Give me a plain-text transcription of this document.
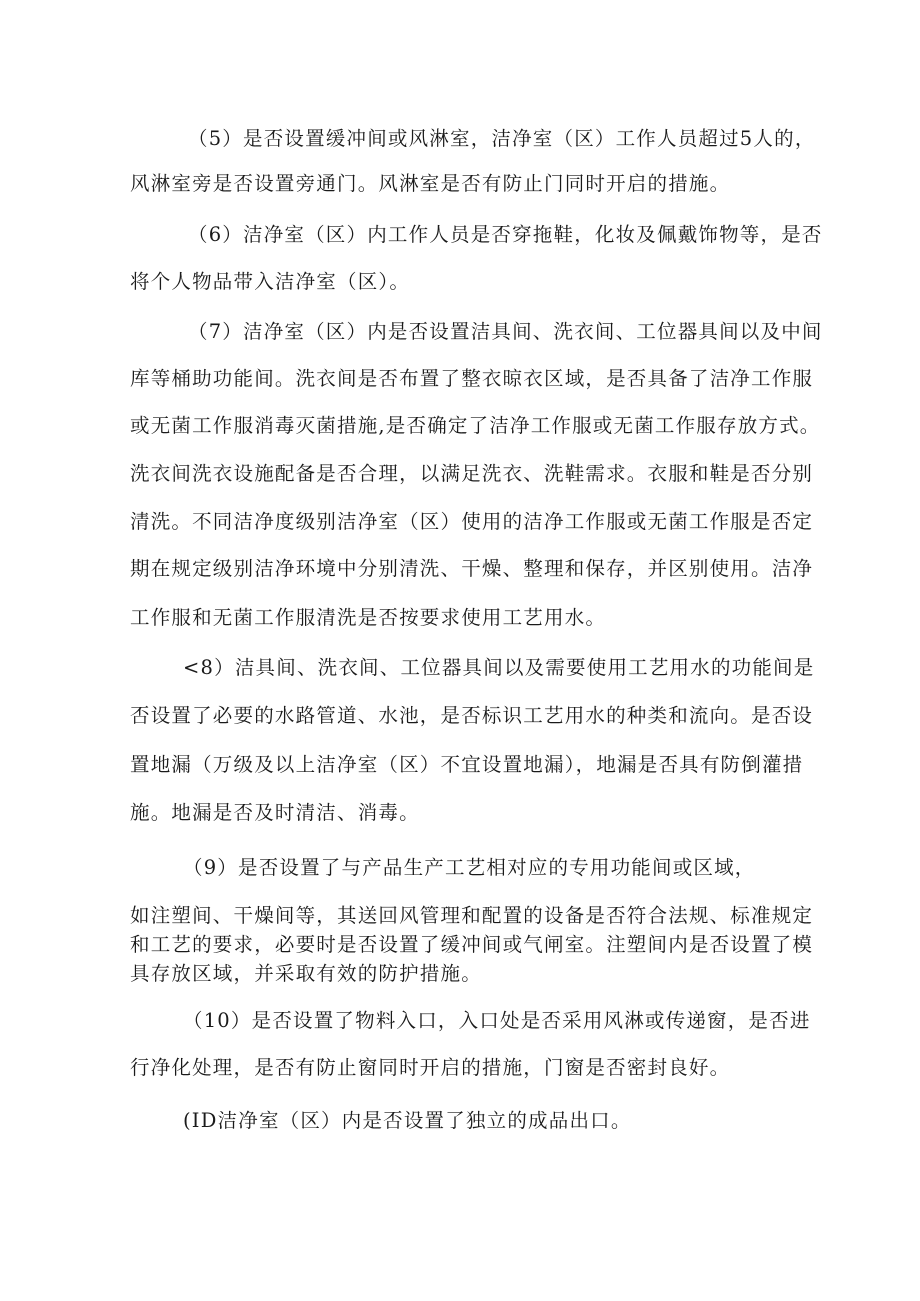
（5）是否设置缓冲间或风淋室，洁净室（区）工作人员超过5人的，
风淋室旁是否设置旁通门。风淋室是否有防止门同时开启的措施。
（6）洁净室（区）内工作人员是否穿拖鞋，化妆及佩戴饰物等，是否
将个人物品带入洁净室（区）。
（7）洁净室（区）内是否设置洁具间、洗衣间、工位器具间以及中间
库等桶助功能间。洗衣间是否布置了整衣晾衣区域，是否具备了洁净工作服
或无菌工作服消毒灭菌措施,是否确定了洁净工作服或无菌工作服存放方式。
洗衣间洗衣设施配备是否合理，以满足洗衣、洗鞋需求。衣服和鞋是否分别
清洗。不同洁净度级别洁净室（区）使用的洁净工作服或无菌工作服是否定
期在规定级别洁净环境中分别清洗、干燥、整理和保存，并区别使用。洁净
工作服和无菌工作服清洗是否按要求使用工艺用水。
<8）洁具间、洗衣间、工位器具间以及需要使用工艺用水的功能间是
否设置了必要的水路管道、水池，是否标识工艺用水的种类和流向。是否设
置地漏（万级及以上洁净室（区）不宜设置地漏），地漏是否具有防倒灌措
施。地漏是否及时清洁、消毒。
（9）是否设置了与产品生产工艺相对应的专用功能间或区域，
如注塑间、干燥间等，其送回风管理和配置的设备是否符合法规、标准规定
和工艺的要求，必要时是否设置了缓冲间或气闸室。注塑间内是否设置了模
具存放区域，并采取有效的防护措施。
（10）是否设置了物料入口，入口处是否采用风淋或传递窗，是否进
行净化处理，是否有防止窗同时开启的措施，门窗是否密封良好。
(ID洁净室（区）内是否设置了独立的成品出口。
